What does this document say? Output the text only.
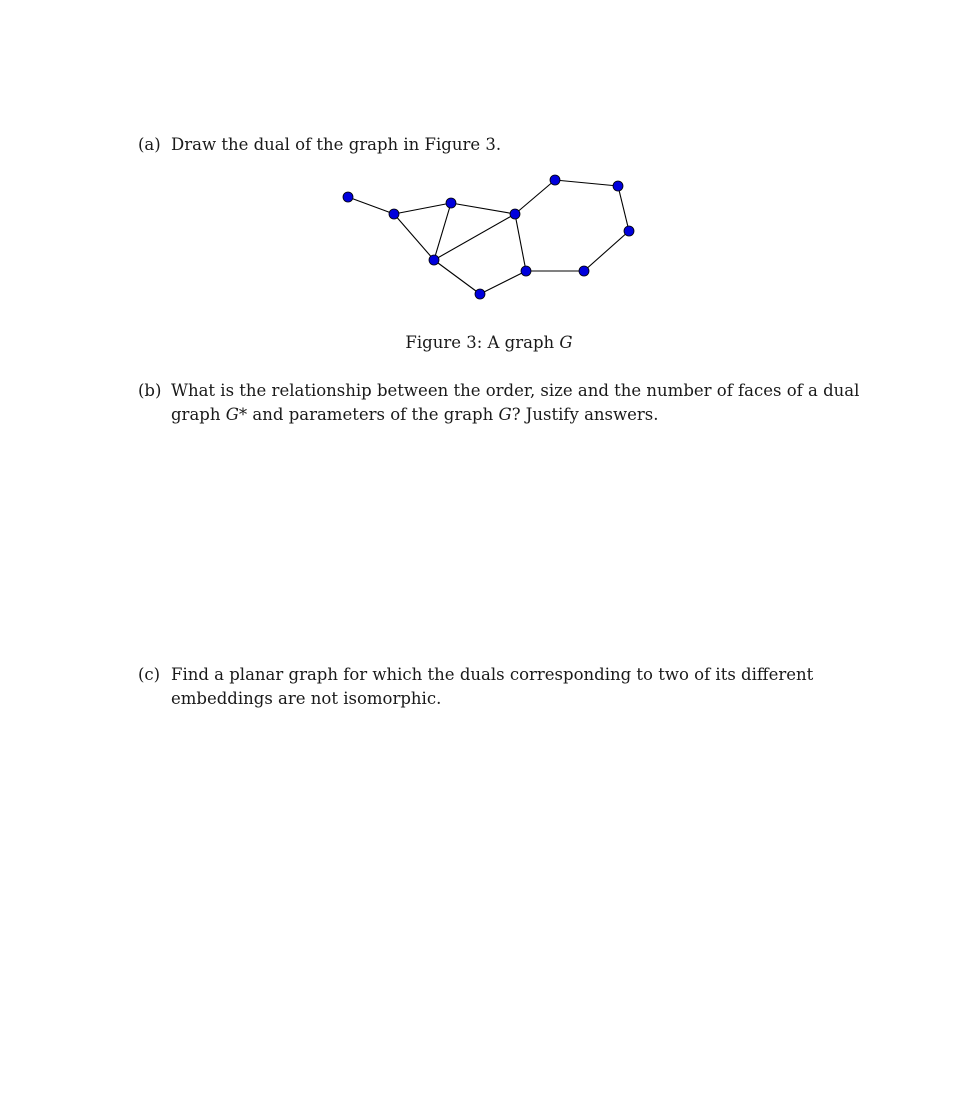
(a) Draw the dual of the graph in Figure 3.
Figure 3: A graph G
(b) What is the relationship between the order, size and the number of faces of a dual graph G* and parameters of the graph G? Justify answers.
(c) Find a planar graph for which the duals corresponding to two of its different embeddings are not isomorphic.
